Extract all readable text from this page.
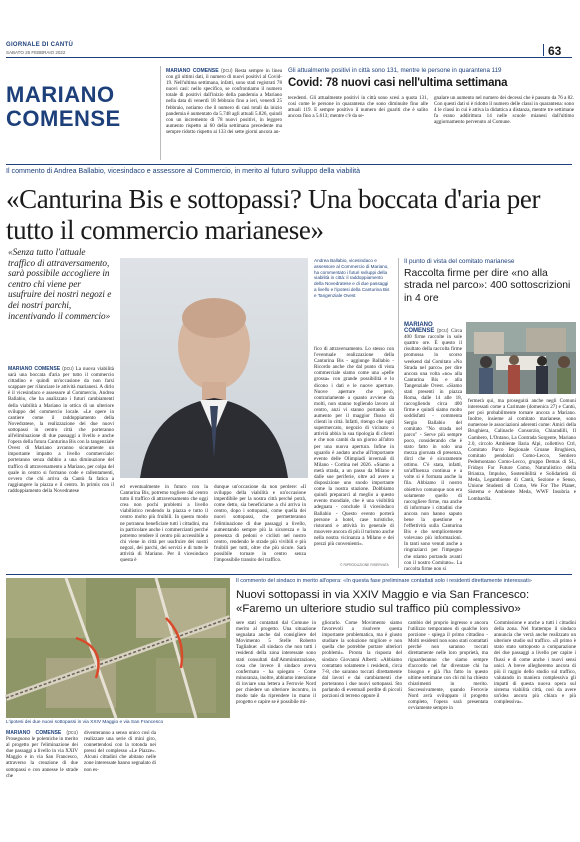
GIORNALE DI CANTÙ
SABATO 26 FEBBRAIO 2022	63
MARIANO
COMENSE
MARIANO COMENSE (pcu) Resta sempre in linea con gli ultimi dati, il numero di nuovi positivi al Covid-19. Nell'ultima settimana, infatti, sono stati registrati 78 nuovi casi: nello specifico, se confrontiamo il numero totale di positivi dall'inizio della pandemia a Mariano nella data di venerdì 18 febbraio fino a ieri, venerdì 25 febbraio, notiamo che il numero di casi totali da inizio pandemia è aumentato da 5.748 agli attuali 5.826, quindi con un incremento di 78 nuovi positivi, in leggero aumento rispetto ai 60 della settimana precedente ma sempre ridotto rispetto ai 133 dei sette giorni ancora an-
Gli attualmente positivi in città sono 131, mentre le persone in quarantena 119
Covid: 78 nuovi casi nell'ultima settimana
tecedenti. Gli attualmente positivi in città sono scesi a quota 131, così come le persone in quarantena che sono diminuite fino alle attuali 119. E sempre positivo il numero dei guariti che è salito ancora fino a 5.613; mentre c'è da se-
gnalare un aumento nel numero dei decessi che è passato da 76 a 82. Con questi dati si è ridotto il numero delle classi in quarantena: sono 4 le classi in cui è attiva la didattica a distanza, mentre tre settimane fa erano addirittura 14 nelle scuole mianesi dall'ultimo aggiornamento pervenuto al Comune.
Il commento di Andrea Ballabio, vicesindaco e assessore al Commercio, in merito al futuro sviluppo della viabilità
«Canturina Bis e sottopassi? Una boccata d'aria per tutto il commercio marianese»
«Senza tutto l'attuale traffico di attraversamento, sarà possibile accogliere in centro chi viene per usufruire dei nostri negozi e dei nostri parchi, incentivando il commercio»
MARIANO COMENSE (pcu) La nuova viabilità sarà una boccata d'aria per tutto il commercio cittadino e quindi un'occasione da non farsi scappare per rilanciare le attività marianesi. A dirlo è il vicesindaco e assessore al Commercio, Andrea Ballabio, che ha analizzato i futuri cambiamenti della viabilità a Mariano in ottica di un ulteriore sviluppo del commercio locale. «Le opere in cantiere come il raddoppiamento della Novedratese, la realizzazione dei due nuovi sottopassi in centro città che porteranno all'eliminazione di due passaggi a livello e anche l'opera della futura Canturina Bis con la tangenziale Ovest di Mariano avranno sicuramente un importante impatto a livello commerciale: porteranno senza dubbio a una diminuzione del traffico di attraversamento a Mariano, per colpa del quale in centro si formano code e rallentamenti, ovvero che chi arriva da Cantù fa fatica a raggiungere la piazza e il centro. In primis con il raddoppiamento della Novedratese
ed eventualmente in futuro con la Canturina Bis, potremo togliere dal centro tutto il traffico di attraversamento che oggi crea non pochi problemi a livello viabilistico rendendo la piazza e tutto il centro molto più fruibili. In questo modo ne potranno beneficiare tutti i cittadini, ma in particolare anche i commercianti perché potremo rendere il centro più accessibile a chi viene in città per usufruire dei nostri negozi, dei parchi, dei servizi e di tutte le attività di Mariano. Per il vicesindaco questa è
dunque un'occasione da non perdere: «Il sviluppo della viabilità e un'occasione imperdibile per la nostra città perché potrà, come detto, sia beneficiarne a chi arriva in centro, dopo i sottopassi, come quella dei nuovi sottopassi, che permetteranno l'eliminazione di due passaggi a livello, aumentando sempre più la sicurezza e la presenza di pedoni e ciclisti nel nostro centro, rendendo le strade più vivibili e più fruibili per tutti, oltre che più sicure. Sarà possibile tornare in centro senza l'impossibile transito del traffico.
Andrea Ballabio, vicesindaco e assessore al Commercio di Mariano, ha commentato i futuri sviluppi della viabilità in città: il raddoppiamento della Novedratese e di due passaggi a livello e l'ipotesi della Canturina Bis e Tangenziale Ovest
fico di attraversamento. Lo stesso con l'eventuale realizzazione della Canturina Bis - aggiunge Ballabio - Ricordo anche che dal punto di vista commerciale siamo come una «pelle grossa» con grande possibilità e lo dicono i dati e le nuove aperture. Nuove aperture che però, contrariamente a quanto avviene da molti, non stanno togliendo lavoro al centro, anzi vi stanno portando un aumento per il maggior flusso di clienti in città. Infatti, ritengo che ogni supermercato, negozio di vicinato o attività abbia la sua tipologia di clienti e che non cambi da un giorno all'altro per una nuova apertura. Infine in sguardo è andato anche all'importante evento delle Olimpiadi invernali di Milano - Cortina nel 2026. «Siamo a metà strada, a un passo da Milano e dalle sue periferie, oltre ad avere a disposizione uno snodo importante come la nostra stazione. Dobbiamo quindi prepararci al meglio a questo evento mondiale, che è una visibilità adeguata - conclude il vicesindaco Ballabio - Questo evento porterà persone a hotel, case turistiche, ristoranti e attività in generale di muovere ancora di più il turismo anche nella nostra vicinanza a Milano e dei prezzi più convenienti».
© RIPRODUZIONE RISERVATA
Il punto di vista del comitato marianese
Raccolta firme per dire «no alla strada nel parco»: 400 sottoscrizioni in 4 ore
MARIANO COMENSE (pcu) Circa 400 firme raccolte in sole quattro ore. È questo il risultato della raccolta firme promossa lo scorso weekend dal Comitato «No Strada nel parco» per dire ancora una volta «no» alla Canturina Bis e alla Tangenziale Ovest. «Siamo stati presenti in piazza Roma, dalle 14 alle 18, raccogliendo circa 400 firme e quindi siamo molto soddisfatti - commenta Sergio Ballabio del comitato "No strada nel parco" - Serve più sempre poco, considerando che è stato fatto in solo una mezza giornata di presenza, dirci che è sicuramente ottimo. C'è stata, infatti, un'affluenza continua e a volte si è formata anche la fila. Abbiamo il nostro obiettivo comunque non era solamente quello di raccogliere firme, ma anche di informare i cittadini che ancora non hanno saputo bene la questione e l'effettività sulla Canturina Bis e che semplicemente volevano più informazioni. In tanti sono venuti anche a ringraziarci per l'impegno che stiamo portando avanti con il nostro Comitato». La raccolta firme non si
fermerà qui, ma proseguirà anche negli Comuni interessati come a Carimate (domenica 27) e Cantù, per poi probabilmente tornare ancora a Mariano. Inoltre, insieme al comitato marianese, sono numerose le associazioni aderenti come: Amici della Brughiera, Calinacle Consorzio, Chiaradilli, Il Gambero, L'Ontano, La Contrada Sorgente, Mariano 2.0, circolo Ambiente Ilaria Alpi, collettivo Ctrl, Comitato Parco Regionale Groane Brughiera, comitato pendolari Como-Lecco, Sentiero Pedemontano Como-Lecco, gruppo Demas di SL, Fridays For Future Como, Naturalistico della Brianza, Impulso, Sostenibilità e Solidarietà di Meda, Legambiente di Cantù, Sezione e Senso, Unione Studenti di Como, We For The Planet, Sistema e Ambiente Meda, WWF Insubria e Lombardia.
L'ipotesi dei due nuovi sottopassi in via XXIV Maggio e via San Francesco
Il commento del sindaco in merito all'opera: «In questa fase preliminare contattati solo i residenti direttamente interessati»
Nuovi sottopassi in via XXIV Maggio e via San Francesco: «Faremo un ulteriore studio sul traffico più complessivo»
MARIANO COMENSE (pcu) Proseguono le polemiche in merito al progetto per l'eliminazione dei due passaggi a livello in via XXIV Maggio e in via San Francesco, attraverso la creazione di due sottopassi e con annesse le strade che
diventeranno a senso unico così da realizzare una serie di mini giro, connettendosi con la rotonda nei pressi del complesso «Le Piazze». Alcuni cittadini che abitano nelle zone interessate hanno segnalato di non es-
sere stati contattati dal Comune in merito al progetto. Una situazione segnalata anche dal consigliere del Movimento 5 Stelle Roberto Tagliabue: «Il sindaco che non tutti i residenti della zona interessate sono stati consultati dall'Amministrazione, cosa che invece il sindaco aveva confermato - ha spiegato - Come minoranza, inoltre, abbiamo intenzione di inviare una lettera a Ferrovie Nord per chiedere un ulteriore incontro, in modo tale da riprendere in mano il progetto e capire se è possibile mi-
gliorarlo. Come Movimento siamo favorevoli a risolvere questa importante problematica, ma è giusto studiare la soluzione migliore e non quella che potrebbe portare ulteriori problemi». Pronta la risposta del sindaco Giovanni Alberti: «Abbiamo contattato solamente i residenti, circa 7-8, che saranno toccati direttamente dal lavori e dai cambiamenti che porteranno i due nuovi sottopassi. Sto parlando di eventuali perdite di piccoli porzioni di terreno oppure il
cambio del proprio ingresso o ancora l'utilizzo temporaneo di qualche loro porzione - spiega il primo cittadino - Molti residenti non sono stati contattati perché non saranno toccati direttamente nelle loro proprietà, ma riguarderanno che siamo sempre d'accordo nel far diventare chi ha bisogno e già l'ha fatto in questo ultime settimane con chi mi ha chiesto chiarimenti in merito. Successivamente, quando Ferrovie Nord avrà sviluppato il progetto completo, l'opera sarà presentata ovviamente sempre in
Commissione e anche a tutti i cittadini della zona. Nel frattempo il sindaco annuncia che verrà anche realizzato un ulteriore studio sul traffico. «Il primo è stato stato sottoposto a comparazione dei due passaggi a livello per capire i flussi e di come anche i nuovi sensi unici. A breve allegheremo ancora di più il raggio dello studio sul traffico, valutando in maniera complessiva gli impatti di questa nuova opera sul sistema viabilità città, così da avere un'idea ancora più chiara e più complessiva».
